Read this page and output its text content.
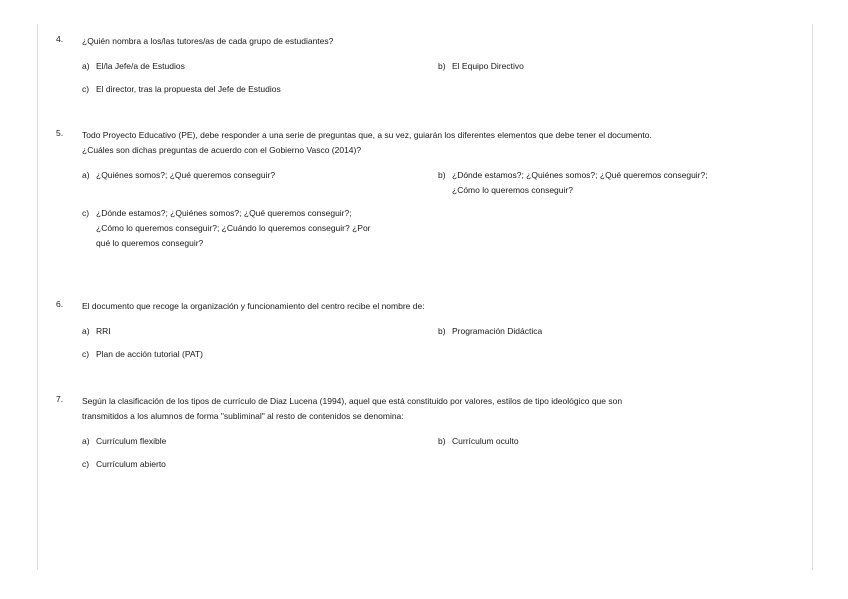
4.	¿Quién nombra a los/las tutores/as de cada grupo de estudiantes?
a) El/la Jefe/a de Estudios	b) El Equipo Directivo
c) El director, tras la propuesta del Jefe de Estudios
5.	Todo Proyecto Educativo (PE), debe responder a una serie de preguntas que, a su vez, guiarán los diferentes elementos que debe tener el documento.
¿Cuáles son dichas preguntas de acuerdo con el Gobierno Vasco (2014)?
a) ¿Quiénes somos?; ¿Qué queremos conseguir?	b) ¿Dónde estamos?; ¿Quiénes somos?; ¿Qué queremos conseguir?;
¿Cómo lo queremos conseguir?
c) ¿Dónde estamos?; ¿Quiénes somos?; ¿Qué queremos conseguir?;
¿Cómo lo queremos conseguir?; ¿Cuándo lo queremos conseguir? ¿Por
qué lo queremos conseguir?
6.	El documento que recoge la organización y funcionamiento del centro recibe el nombre de:
a) RRI	b) Programación Didáctica
c) Plan de acción tutorial (PAT)
7.	Según la clasificación de los tipos de currículo de Diaz Lucena (1994), aquel que está constituido por valores, estilos de tipo ideológico que son
transmitidos a los alumnos de forma "subliminal" al resto de contenidos se denomina:
a) Currículum flexible	b) Currículum oculto
c) Currículum abierto
